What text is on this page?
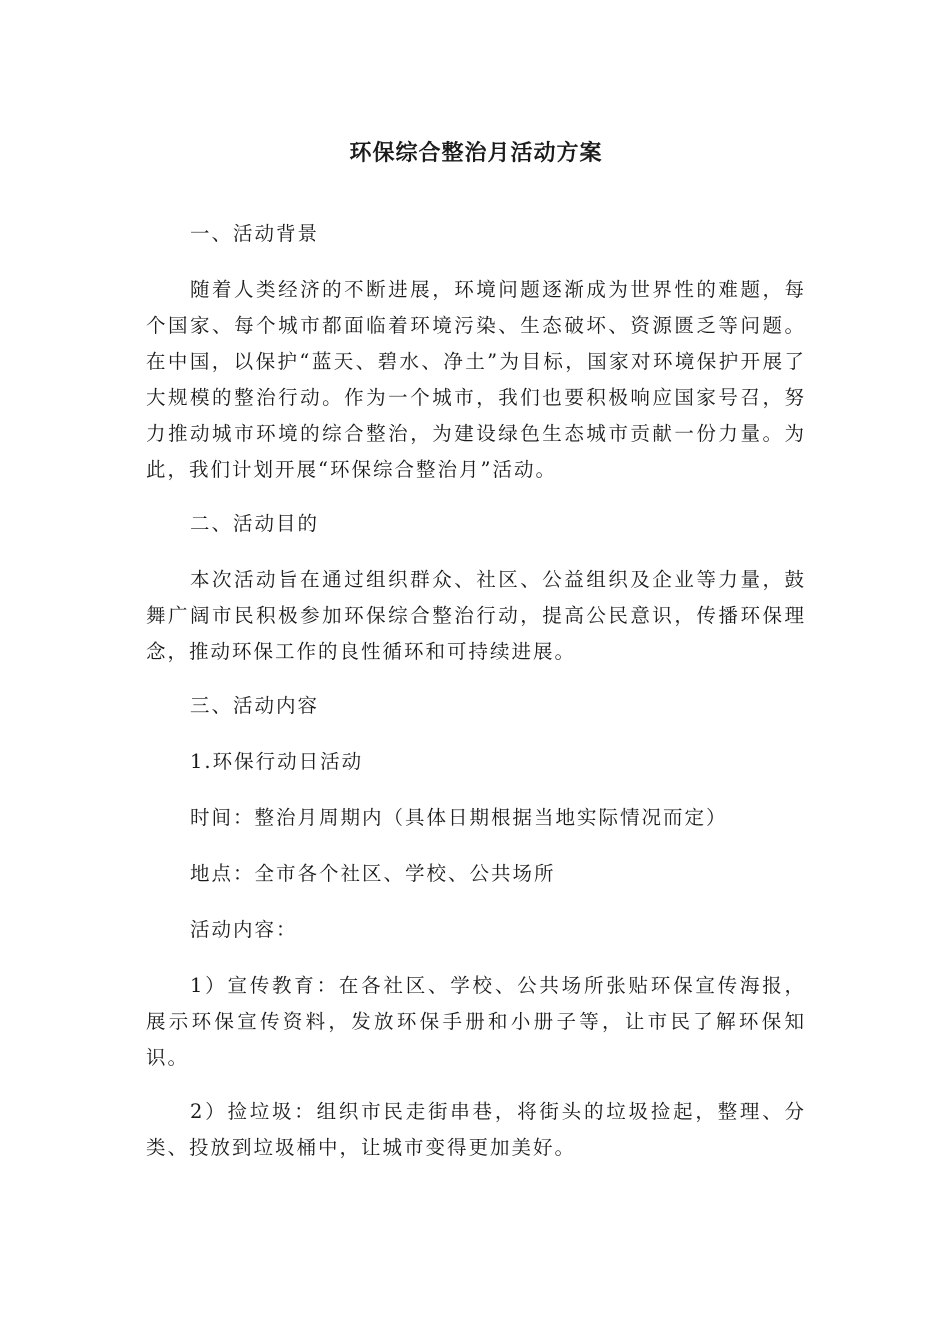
环保综合整治月活动方案
一、活动背景
随着人类经济的不断进展，环境问题逐渐成为世界性的难题，每个国家、每个城市都面临着环境污染、生态破坏、资源匮乏等问题。在中国，以保护“蓝天、碧水、净土”为目标，国家对环境保护开展了大规模的整治行动。作为一个城市，我们也要积极响应国家号召，努力推动城市环境的综合整治，为建设绿色生态城市贡献一份力量。为此，我们计划开展“环保综合整治月”活动。
二、活动目的
本次活动旨在通过组织群众、社区、公益组织及企业等力量，鼓舞广阔市民积极参加环保综合整治行动，提高公民意识，传播环保理念，推动环保工作的良性循环和可持续进展。
三、活动内容
1.环保行动日活动
时间：整治月周期内（具体日期根据当地实际情况而定）
地点：全市各个社区、学校、公共场所
活动内容：
1）宣传教育：在各社区、学校、公共场所张贴环保宣传海报，展示环保宣传资料，发放环保手册和小册子等，让市民了解环保知识。
2）捡垃圾：组织市民走街串巷，将街头的垃圾捡起，整理、分类、投放到垃圾桶中，让城市变得更加美好。
